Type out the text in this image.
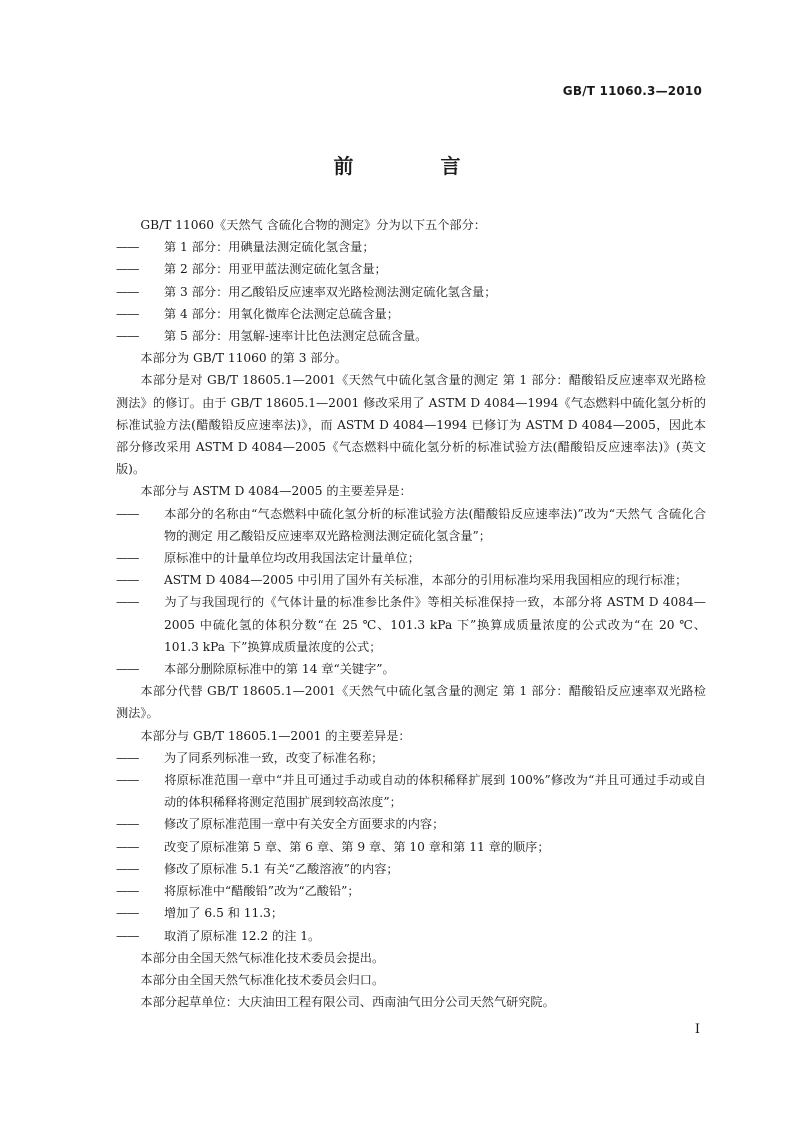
GB/T 11060.3—2010
前 言

GB/T 11060《天然气 含硫化合物的测定》分为以下五个部分：

—— 第 1 部分：用碘量法测定硫化氢含量；

—— 第 2 部分：用亚甲蓝法测定硫化氢含量；

—— 第 3 部分：用乙酸铅反应速率双光路检测法测定硫化氢含量；

—— 第 4 部分：用氧化微库仑法测定总硫含量；

—— 第 5 部分：用氢解-速率计比色法测定总硫含量。

本部分为 GB/T 11060 的第 3 部分。

本部分是对 GB/T 18605.1—2001《天然气中硫化氢含量的测定 第 1 部分：醋酸铅反应速率双光路检测法》的修订。由于 GB/T 18605.1—2001 修改采用了 ASTM D 4084—1994《气态燃料中硫化氢分析的标准试验方法(醋酸铅反应速率法)》，而 ASTM D 4084—1994 已修订为 ASTM D 4084—2005，因此本部分修改采用 ASTM D 4084—2005《气态燃料中硫化氢分析的标准试验方法(醋酸铅反应速率法)》(英文版)。

本部分与 ASTM D 4084—2005 的主要差异是：

—— 本部分的名称由“气态燃料中硫化氢分析的标准试验方法(醋酸铅反应速率法)”改为“天然气 含硫化合物的测定 用乙酸铅反应速率双光路检测法测定硫化氢含量”；

—— 原标准中的计量单位均改用我国法定计量单位；

—— ASTM D 4084—2005 中引用了国外有关标准，本部分的引用标准均采用我国相应的现行标准；

—— 为了与我国现行的《气体计量的标准参比条件》等相关标准保持一致，本部分将 ASTM D 4084—2005 中硫化氢的体积分数“在 25 ℃、101.3 kPa 下”换算成质量浓度的公式改为“在 20 ℃、101.3 kPa 下”换算成质量浓度的公式；

—— 本部分删除原标准中的第 14 章“关键字”。

本部分代替 GB/T 18605.1—2001《天然气中硫化氢含量的测定 第 1 部分：醋酸铅反应速率双光路检测法》。

本部分与 GB/T 18605.1—2001 的主要差异是：

—— 为了同系列标准一致，改变了标准名称；

—— 将原标准范围一章中“并且可通过手动或自动的体积稀释扩展到 100%”修改为“并且可通过手动或自动的体积稀释将测定范围扩展到较高浓度”；

—— 修改了原标准范围一章中有关安全方面要求的内容；

—— 改变了原标准第 5 章、第 6 章、第 9 章、第 10 章和第 11 章的顺序；

—— 修改了原标准 5.1 有关“乙酸溶液”的内容；

—— 将原标准中“醋酸铅”改为“乙酸铅”；

—— 增加了 6.5 和 11.3；

—— 取消了原标准 12.2 的注 1。

本部分由全国天然气标准化技术委员会提出。

本部分由全国天然气标准化技术委员会归口。

本部分起草单位：大庆油田工程有限公司、西南油气田分公司天然气研究院。

I
